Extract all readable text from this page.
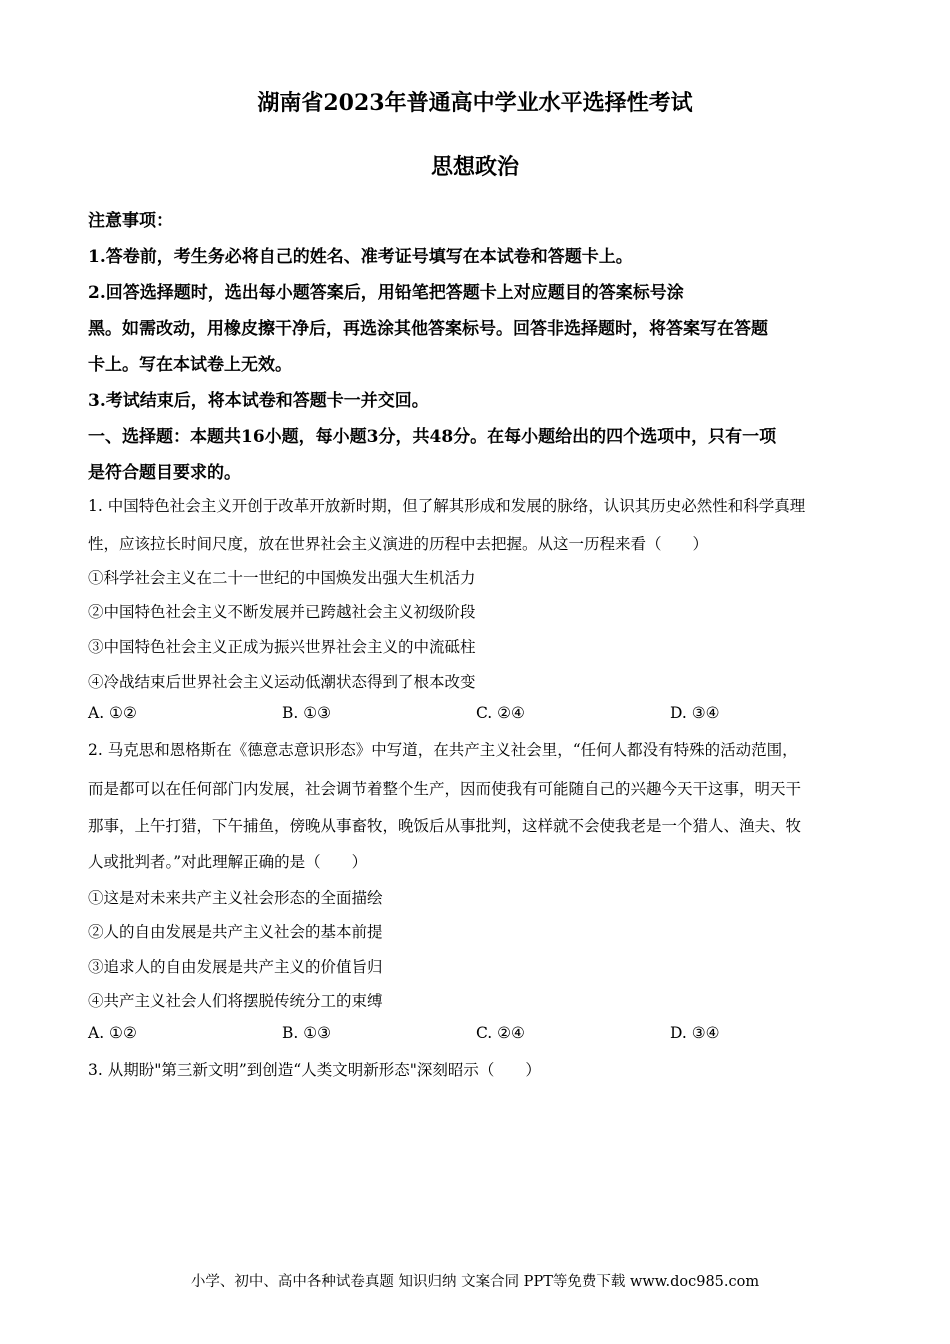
湖南省2023年普通高中学业水平选择性考试
思想政治
注意事项：
1.答卷前，考生务必将自己的姓名、准考证号填写在本试卷和答题卡上。
2.回答选择题时，选出每小题答案后，用铅笔把答题卡上对应题目的答案标号涂
黑。如需改动，用橡皮擦干净后，再选涂其他答案标号。回答非选择题时，将答案写在答题
卡上。写在本试卷上无效。
3.考试结束后，将本试卷和答题卡一并交回。
一、选择题：本题共16小题，每小题3分，共48分。在每小题给出的四个选项中，只有一项
是符合题目要求的。
1. 中国特色社会主义开创于改革开放新时期，但了解其形成和发展的脉络，认识其历史必然性和科学真理
性，应该拉长时间尺度，放在世界社会主义演进的历程中去把握。从这一历程来看（　　）
①科学社会主义在二十一世纪的中国焕发出强大生机活力
②中国特色社会主义不断发展并已跨越社会主义初级阶段
③中国特色社会主义正成为振兴世界社会主义的中流砥柱
④冷战结束后世界社会主义运动低潮状态得到了根本改变
A. ①②	B. ①③	C. ②④	D. ③④
2. 马克思和恩格斯在《德意志意识形态》中写道，在共产主义社会里，“任何人都没有特殊的活动范围，
而是都可以在任何部门内发展，社会调节着整个生产，因而使我有可能随自己的兴趣今天干这事，明天干
那事，上午打猎，下午捕鱼，傍晚从事畜牧，晚饭后从事批判，这样就不会使我老是一个猎人、渔夫、牧
人或批判者。”对此理解正确的是（　　）
①这是对未来共产主义社会形态的全面描绘
②人的自由发展是共产主义社会的基本前提
③追求人的自由发展是共产主义的价值旨归
④共产主义社会人们将摆脱传统分工的束缚
A. ①②	B. ①③	C. ②④	D. ③④
3. 从期盼"第三新文明”到创造“人类文明新形态"深刻昭示（　　）
小学、初中、高中各种试卷真题 知识归纳 文案合同 PPT等免费下载 www.doc985.com
